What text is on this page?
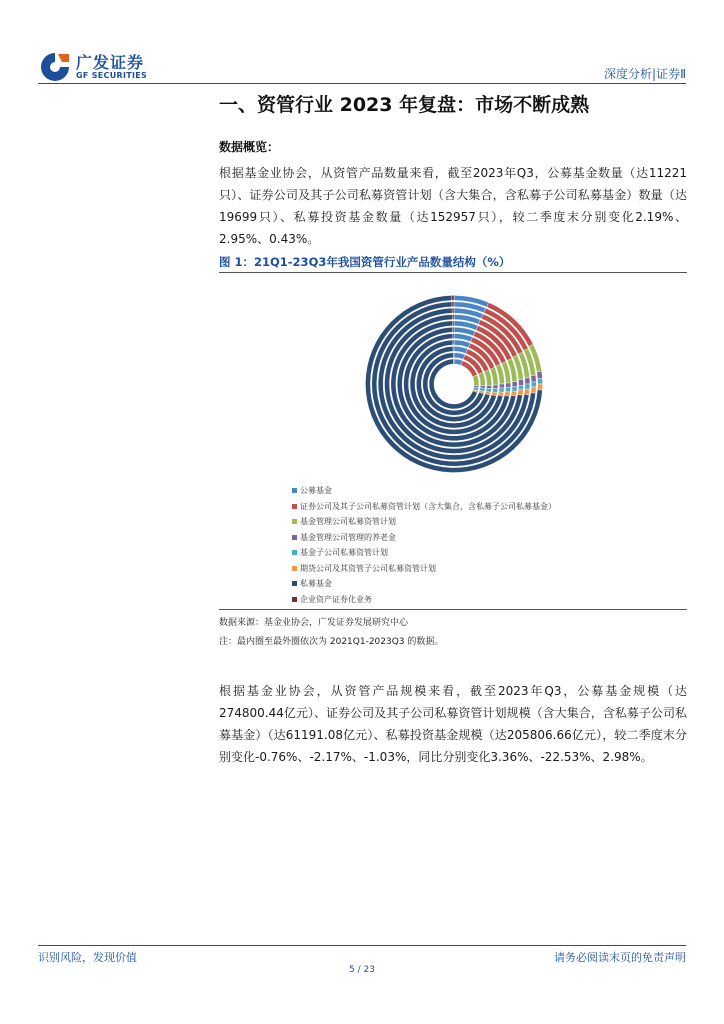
广发证券
GF SECURITIES	深度分析|证券Ⅱ
一、资管行业 2023 年复盘：市场不断成熟
数据概览：
根据基金业协会，从资管产品数量来看，截至2023年Q3，公募基金数量（达11221只）、证券公司及其子公司私募资管计划（含大集合，含私募子公司私募基金）数量（达19699只）、私募投资基金数量（达152957只），较二季度末分别变化2.19%、2.95%、0.43%。
图 1：21Q1-23Q3年我国资管行业产品数量结构（%）
公募基金
证券公司及其子公司私募资管计划（含大集合，含私募子公司私募基金）
基金管理公司私募资管计划
基金管理公司管理的养老金
基金子公司私募资管计划
期货公司及其资管子公司私募资管计划
私募基金
企业资产证券化业务
数据来源：基金业协会，广发证券发展研究中心
注：最内圈至最外圈依次为 2021Q1-2023Q3 的数据。
根据基金业协会，从资管产品规模来看，截至2023年Q3，公募基金规模（达274800.44亿元）、证券公司及其子公司私募资管计划规模（含大集合，含私募子公司私募基金）（达61191.08亿元）、私募投资基金规模（达205806.66亿元），较二季度末分别变化-0.76%、-2.17%、-1.03%，同比分别变化3.36%、-22.53%、2.98%。
识别风险，发现价值	请务必阅读末页的免责声明
5 / 23
